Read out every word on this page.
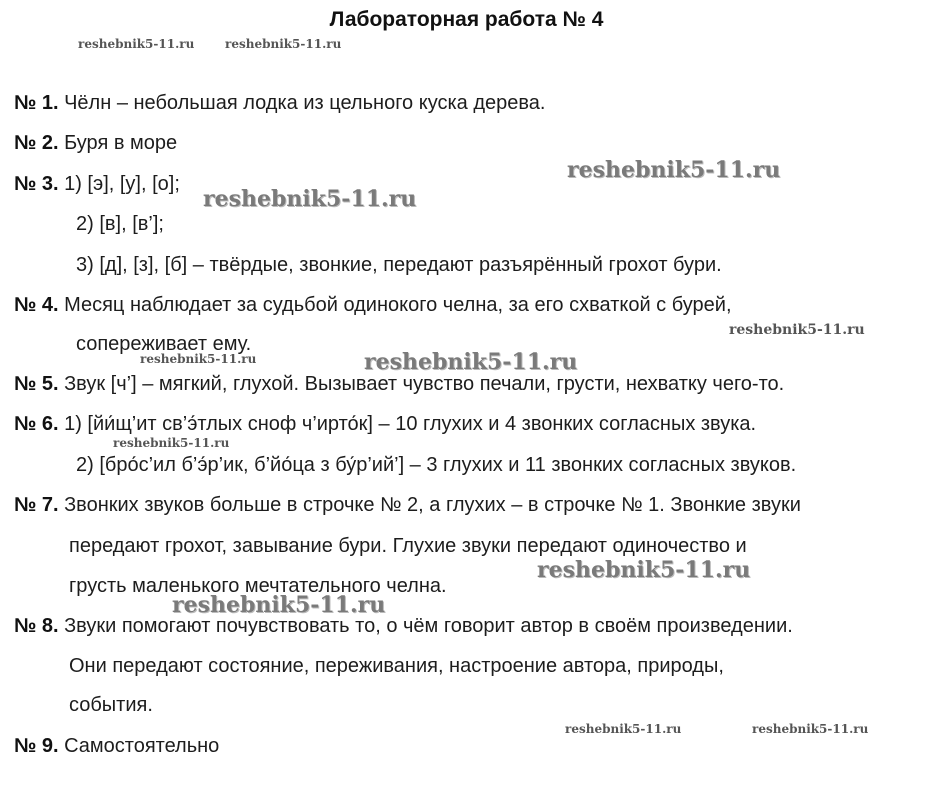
Лабораторная работа № 4
№ 1. Чёлн – небольшая лодка из цельного куска дерева.
№ 2. Буря в море
№ 3. 1) [э], [у], [о];
2) [в], [в’];
3) [д], [з], [б] – твёрдые, звонкие, передают разъярённый грохот бури.
№ 4. Месяц наблюдает за судьбой одинокого челна, за его схваткой с бурей,
сопереживает ему.
№ 5. Звук [ч’] – мягкий, глухой. Вызывает чувство печали, грусти, нехватку чего-то.
№ 6. 1) [йи́щ’ит св’э́тлых сноф ч’ирто́к] – 10 глухих и 4 звонких согласных звука.
2) [бро́с’ил б’э́р’ик, б’йо́ца з бу́р’ий’] – 3 глухих и 11 звонких согласных звуков.
№ 7. Звонких звуков больше в строчке № 2, а глухих – в строчке № 1. Звонкие звуки
передают грохот, завывание бури. Глухие звуки передают одиночество и
грусть маленького мечтательного челна.
№ 8. Звуки помогают почувствовать то, о чём говорит автор в своём произведении.
Они передают состояние, переживания, настроение автора, природы,
события.
№ 9. Самостоятельно
reshebnik5-11.ru	reshebnik5-11.ru
reshebnik5-11.ru
reshebnik5-11.ru
reshebnik5-11.ru
reshebnik5-11.ru	reshebnik5-11.ru
reshebnik5-11.ru
reshebnik5-11.ru
reshebnik5-11.ru
reshebnik5-11.ru	reshebnik5-11.ru
